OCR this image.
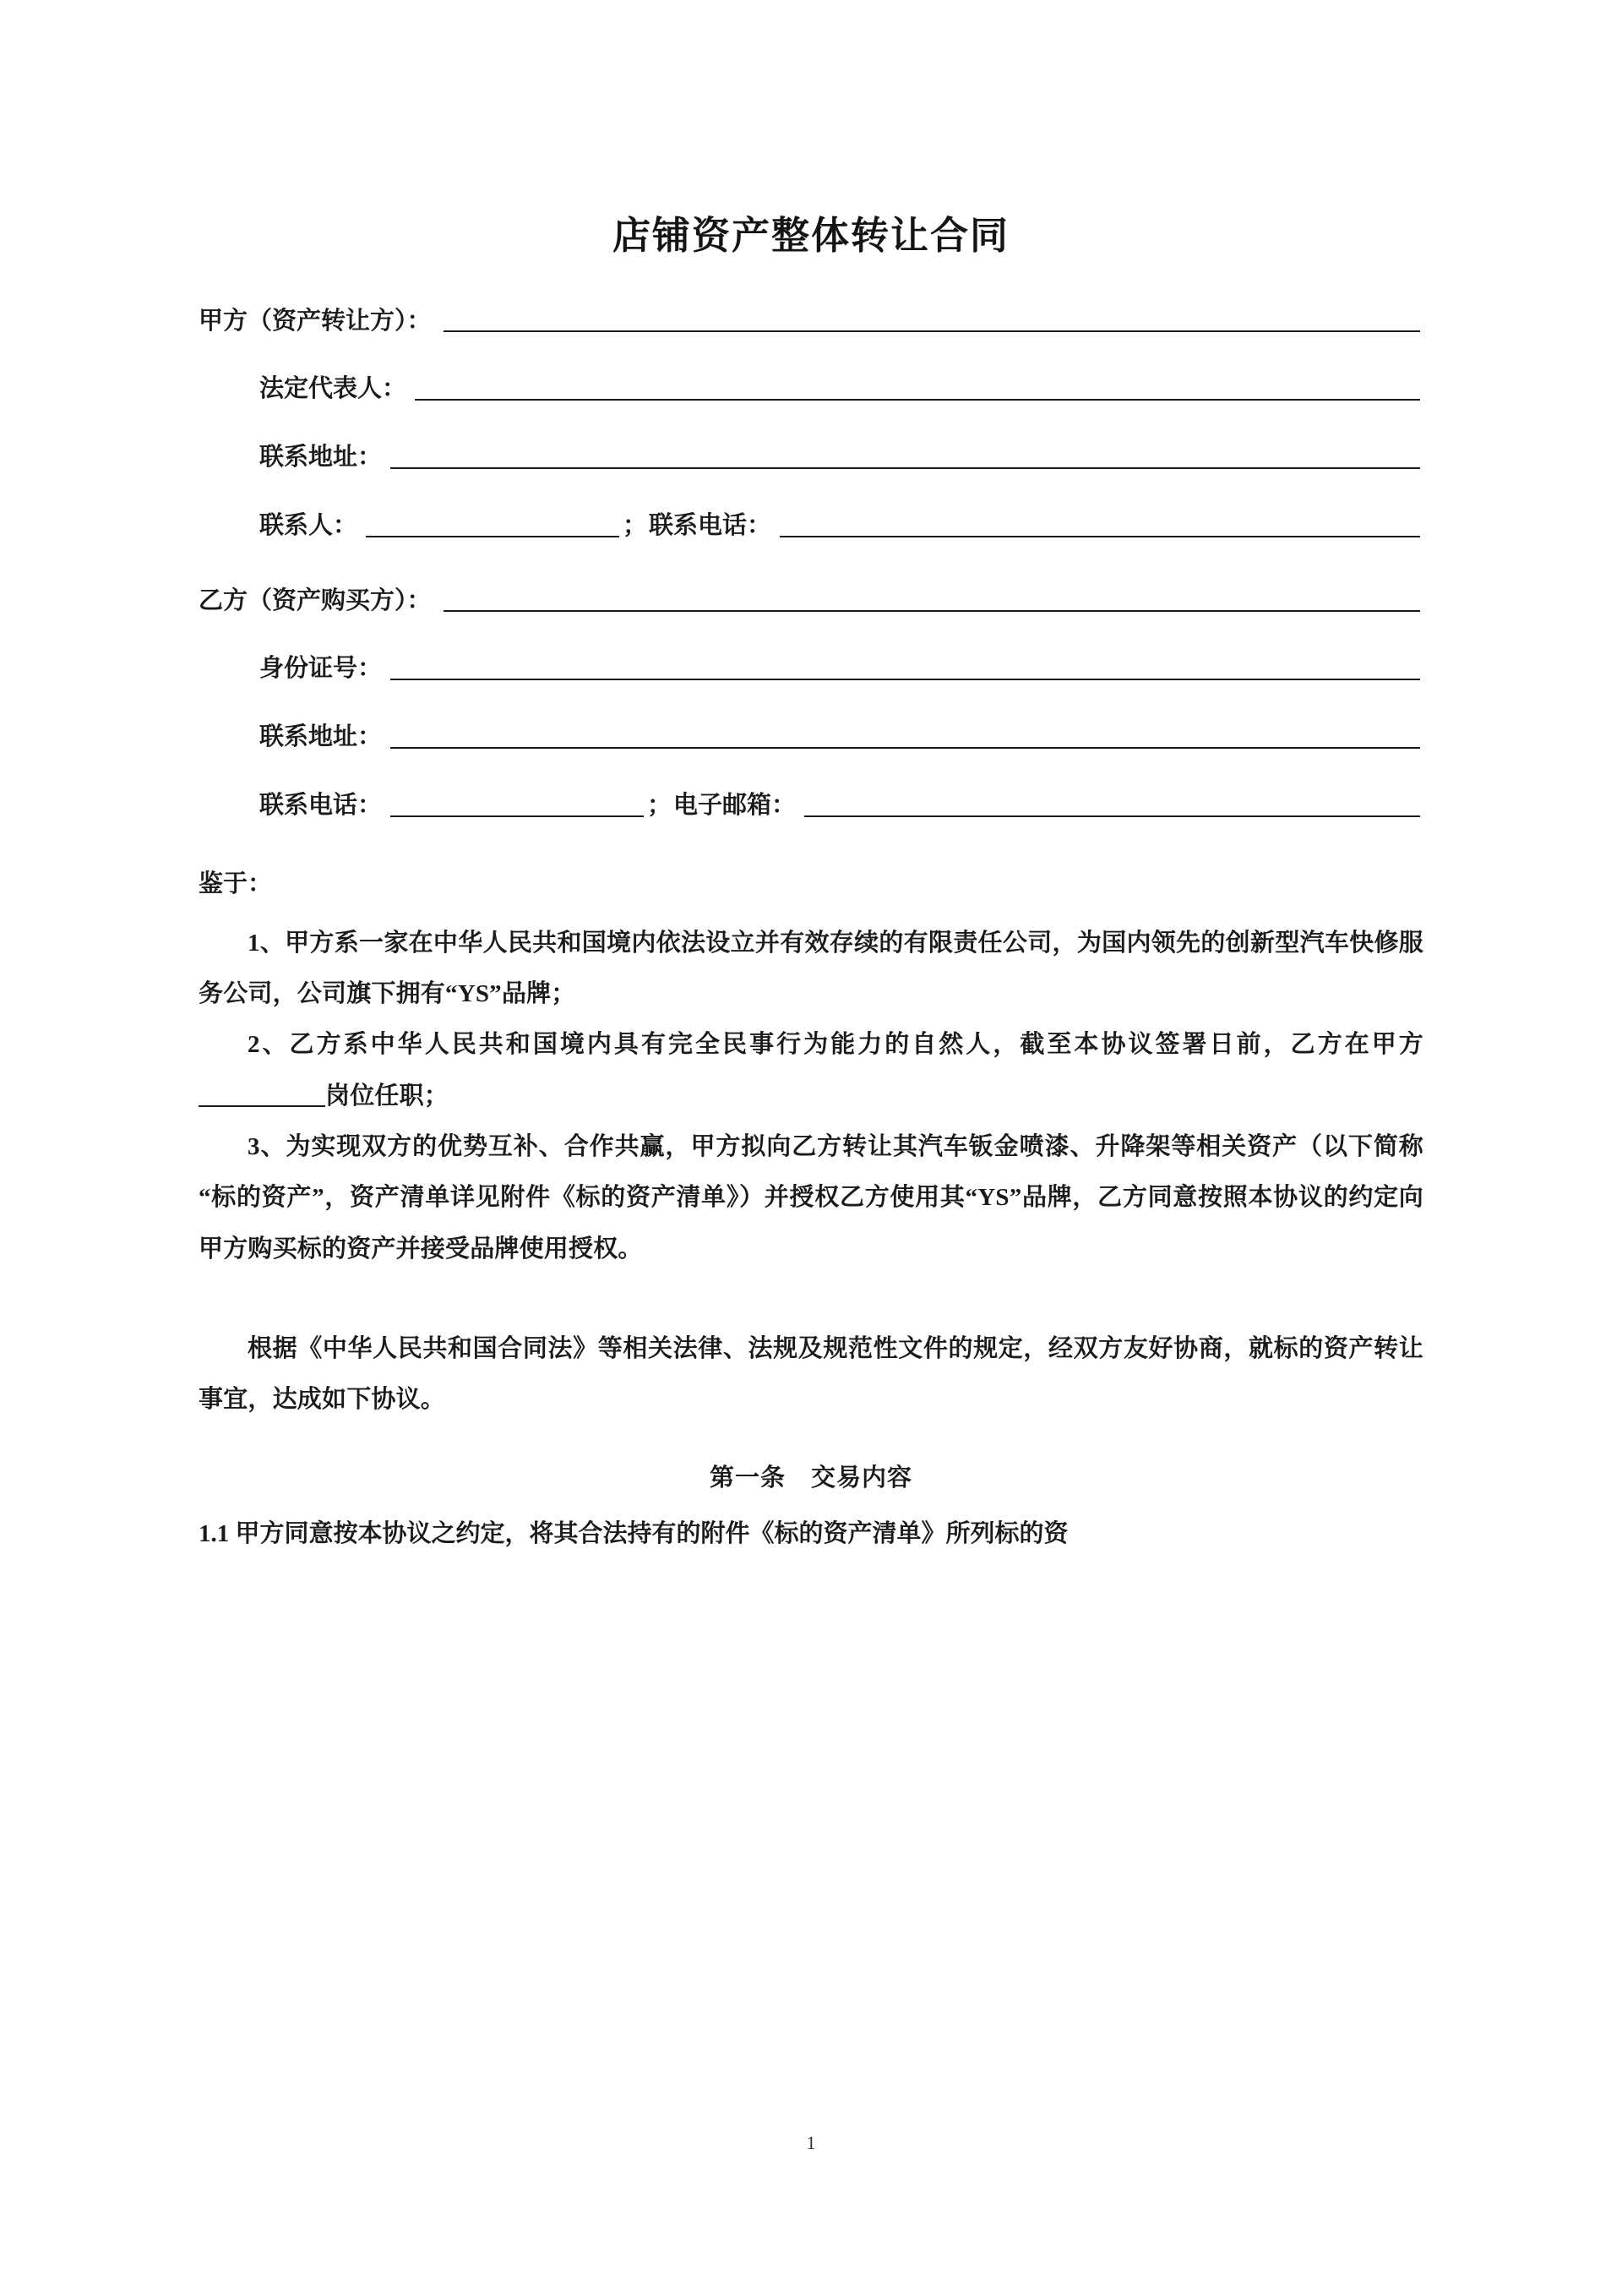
店铺资产整体转让合同
甲方（资产转让方）：
法定代表人：
联系地址：
联系人：	； 联系电话：
乙方（资产购买方）：
身份证号：
联系地址：
联系电话：	； 电子邮箱：
鉴于：

1、甲方系一家在中华人民共和国境内依法设立并有效存续的有限责任公司，为国内领先的创新型汽车快修服务公司，公司旗下拥有“YS”品牌；

2、乙方系中华人民共和国境内具有完全民事行为能力的自然人，截至本协议签署日前，乙方在甲方岗位任职；

3、为实现双方的优势互补、合作共赢，甲方拟向乙方转让其汽车钣金喷漆、升降架等相关资产（以下简称“标的资产”，资产清单详见附件《标的资产清单》）并授权乙方使用其“YS”品牌，乙方同意按照本协议的约定向甲方购买标的资产并接受品牌使用授权。

根据《中华人民共和国合同法》等相关法律、法规及规范性文件的规定，经双方友好协商，就标的资产转让事宜，达成如下协议。

第一条　交易内容

1.1 甲方同意按本协议之约定，将其合法持有的附件《标的资产清单》所列标的资

1
